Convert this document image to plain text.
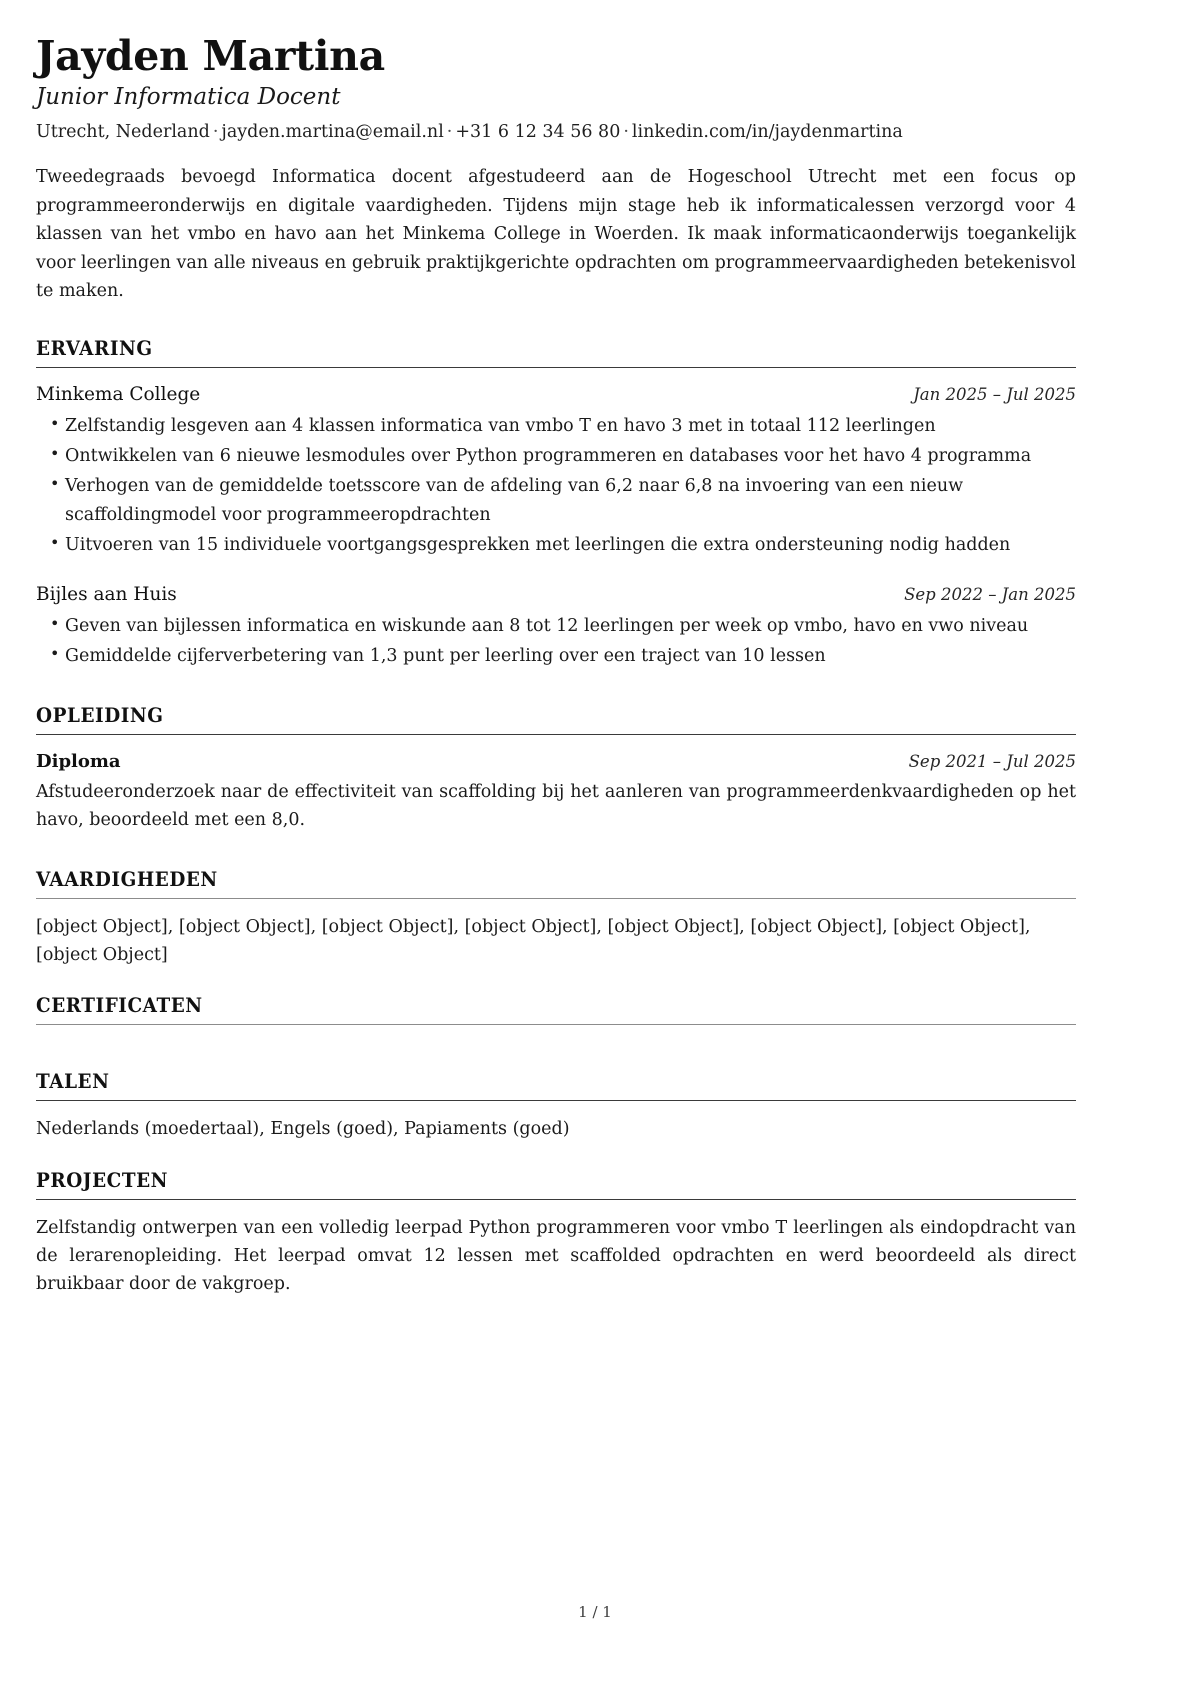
Jayden Martina
Junior Informatica Docent
Utrecht, Nederland · jayden.martina@email.nl · +31 6 12 34 56 80 · linkedin.com/in/jaydenmartina

Tweedegraads bevoegd Informatica docent afgestudeerd aan de Hogeschool Utrecht met een focus op programmeeronderwijs en digitale vaardigheden. Tijdens mijn stage heb ik informaticalessen verzorgd voor 4 klassen van het vmbo en havo aan het Minkema College in Woerden. Ik maak informaticaonderwijs toegankelijk voor leerlingen van alle niveaus en gebruik praktijkgerichte opdrachten om programmeervaardigheden betekenisvol te maken.

ERVARING
Minkema College	Jan 2025 – Jul 2025
• Zelfstandig lesgeven aan 4 klassen informatica van vmbo T en havo 3 met in totaal 112 leerlingen
• Ontwikkelen van 6 nieuwe lesmodules over Python programmeren en databases voor het havo 4 programma
• Verhogen van de gemiddelde toetsscore van de afdeling van 6,2 naar 6,8 na invoering van een nieuw scaffoldingmodel voor programmeeropdrachten
• Uitvoeren van 15 individuele voortgangsgesprekken met leerlingen die extra ondersteuning nodig hadden
Bijles aan Huis	Sep 2022 – Jan 2025
• Geven van bijlessen informatica en wiskunde aan 8 tot 12 leerlingen per week op vmbo, havo en vwo niveau
• Gemiddelde cijferverbetering van 1,3 punt per leerling over een traject van 10 lessen
OPLEIDING
Diploma	Sep 2021 – Jul 2025

Afstudeeronderzoek naar de effectiviteit van scaffolding bij het aanleren van programmeerdenkvaardigheden op het havo, beoordeeld met een 8,0.

VAARDIGHEDEN

[object Object], [object Object], [object Object], [object Object], [object Object], [object Object], [object Object], [object Object]

CERTIFICATEN

TALEN

Nederlands (moedertaal), Engels (goed), Papiaments (goed)

PROJECTEN

Zelfstandig ontwerpen van een volledig leerpad Python programmeren voor vmbo T leerlingen als eindopdracht van de lerarenopleiding. Het leerpad omvat 12 lessen met scaffolded opdrachten en werd beoordeeld als direct bruikbaar door de vakgroep.

1 / 1
